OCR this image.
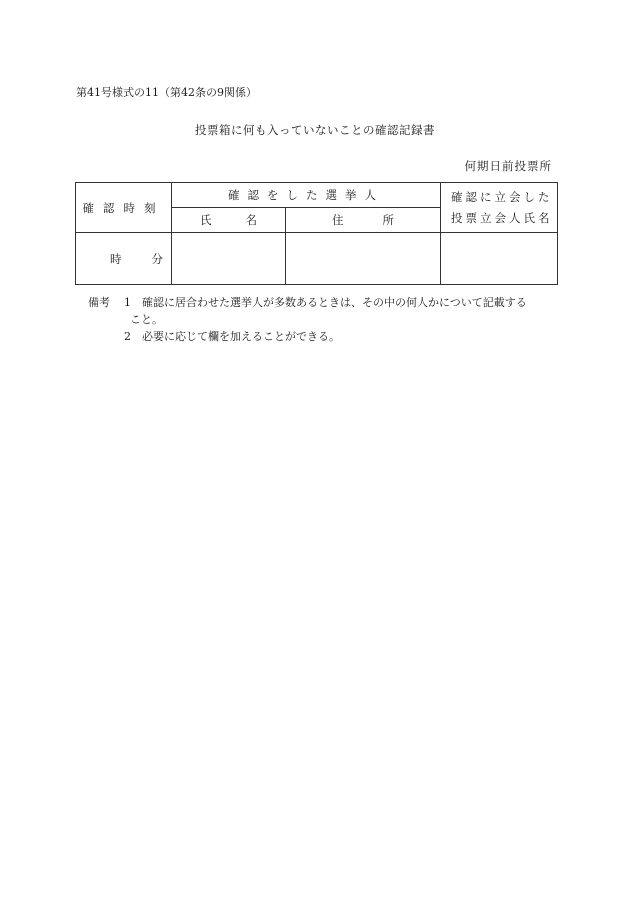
第41号様式の11（第42条の9関係）
投票箱に何も入っていないことの確認記録書
何期日前投票所
確認時刻	確認をした選挙人		確認に立会した
投票立会人氏名

	氏 名	住 所	

時 分			

備考 1 確認に居合わせた選挙人が多数あるときは、その中の何人かについて記載する
こと。
2 必要に応じて欄を加えることができる。
